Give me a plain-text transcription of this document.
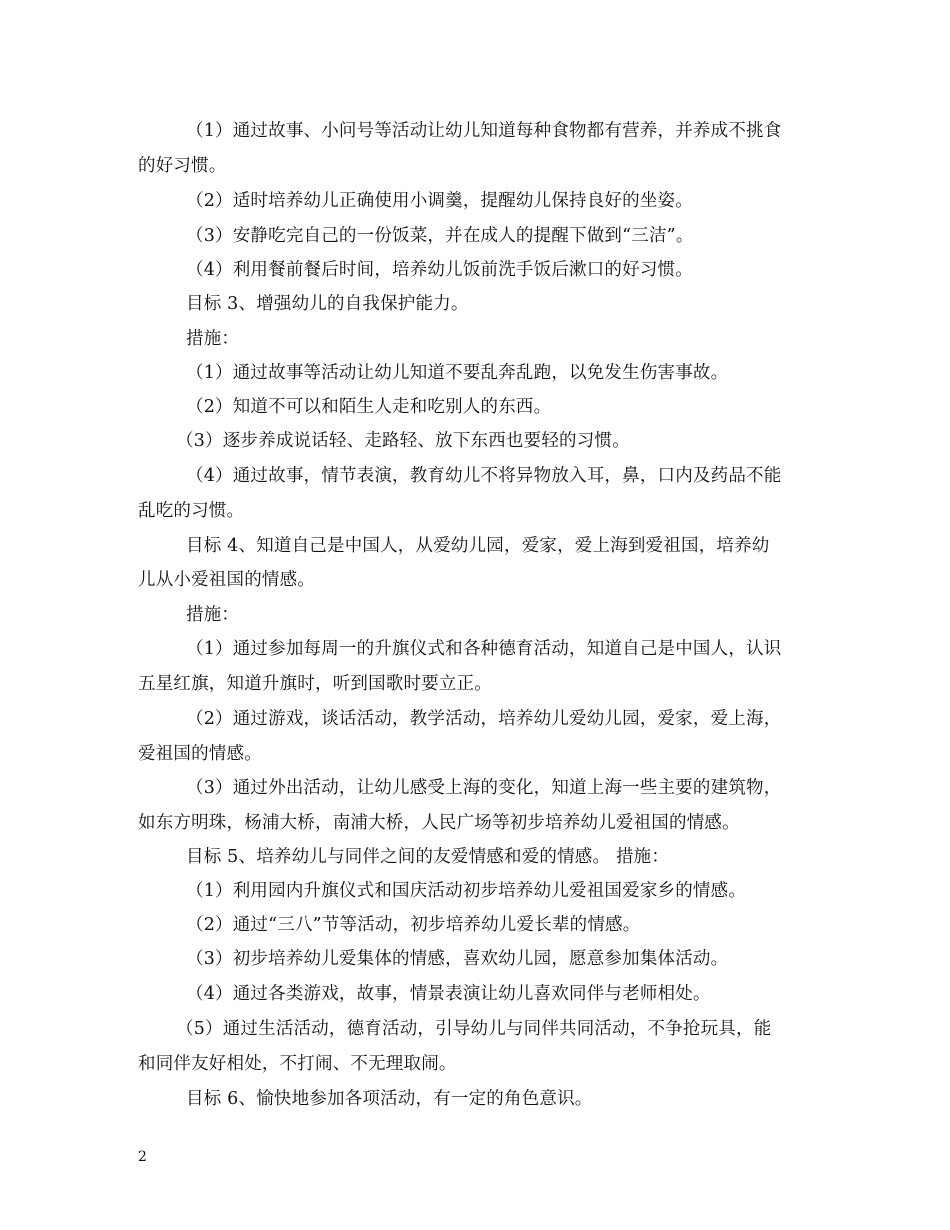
（1）通过故事、小问号等活动让幼儿知道每种食物都有营养，并养成不挑食
的好习惯。
（2）适时培养幼儿正确使用小调羹，提醒幼儿保持良好的坐姿。
（3）安静吃完自己的一份饭菜，并在成人的提醒下做到“三洁”。
（4）利用餐前餐后时间，培养幼儿饭前洗手饭后漱口的好习惯。
目标 3、增强幼儿的自我保护能力。
措施：
（1）通过故事等活动让幼儿知道不要乱奔乱跑，以免发生伤害事故。
（2）知道不可以和陌生人走和吃别人的东西。
（3）逐步养成说话轻、走路轻、放下东西也要轻的习惯。
（4）通过故事，情节表演，教育幼儿不将异物放入耳，鼻，口内及药品不能
乱吃的习惯。
目标 4、知道自己是中国人，从爱幼儿园，爱家，爱上海到爱祖国，培养幼
儿从小爱祖国的情感。
措施：
（1）通过参加每周一的升旗仪式和各种德育活动，知道自己是中国人，认识
五星红旗，知道升旗时，听到国歌时要立正。
（2）通过游戏，谈话活动，教学活动，培养幼儿爱幼儿园，爱家，爱上海，
爱祖国的情感。
（3）通过外出活动，让幼儿感受上海的变化，知道上海一些主要的建筑物，
如东方明珠，杨浦大桥，南浦大桥，人民广场等初步培养幼儿爱祖国的情感。
目标 5、培养幼儿与同伴之间的友爱情感和爱的情感。 措施：
（1）利用园内升旗仪式和国庆活动初步培养幼儿爱祖国爱家乡的情感。
（2）通过“三八”节等活动，初步培养幼儿爱长辈的情感。
（3）初步培养幼儿爱集体的情感，喜欢幼儿园，愿意参加集体活动。
（4）通过各类游戏，故事，情景表演让幼儿喜欢同伴与老师相处。
（5）通过生活活动，德育活动，引导幼儿与同伴共同活动，不争抢玩具，能
和同伴友好相处，不打闹、不无理取闹。
目标 6、愉快地参加各项活动，有一定的角色意识。
2
